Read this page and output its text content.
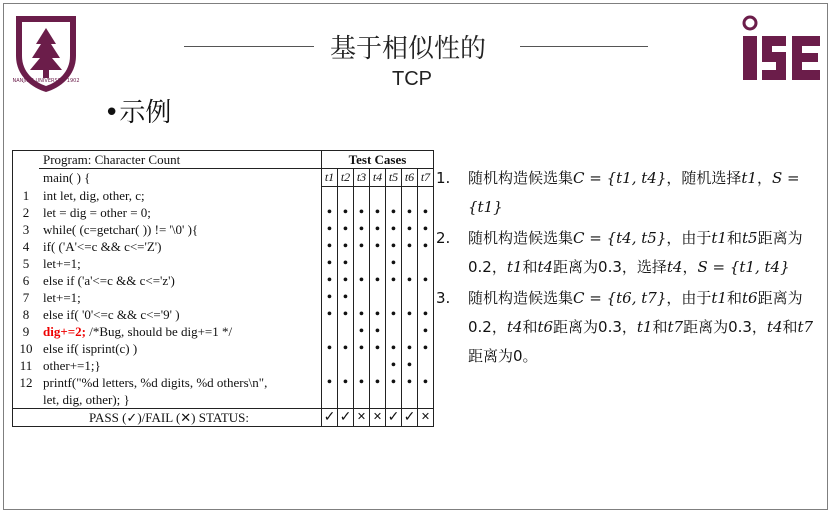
NANJING UNIVERSITY 1902
ise
基于相似性的
TCP
•示例
	Program: Character Count	Test Cases						
	main( ) {	t1	t2	t3	t4	t5	t6	t7
1	int let, dig, other, c;							
2	let = dig = other = 0;	•	•	•	•	•	•	•
3	while( (c=getchar( )) != '\0' ){	•	•	•	•	•	•	•
4	if( ('A'<=c && c<='Z')	•	•	•	•	•	•	•
5	let+=1;	•	•			•		
6	else if ('a'<=c && c<='z')	•	•	•	•	•	•	•
7	let+=1;	•	•					
8	else if( '0'<=c && c<='9' )	•	•	•	•	•	•	•
9	dig+=2; /*Bug, should be dig+=1 */			•	•			•
10	else if( isprint(c) )	•	•	•	•	•	•	•
11	other+=1;}					•	•	
12	printf("%d letters, %d digits, %d others\n",	•	•	•	•	•	•	•
	let, dig, other); }							
PASS (✓)/FAIL (✕) STATUS:		✓	✓	✕	✕	✓	✓	✕
1. 随机构造候选集C = {t1, t4}，随机选择t1，S = {t1}
2. 随机构造候选集C = {t4, t5}，由于t1和t5距离为0.2，t1和t4距离为0.3，选择t4，S = {t1, t4}
3. 随机构造候选集C = {t6, t7}，由于t1和t6距离为0.2，t4和t6距离为0.3，t1和t7距离为0.3，t4和t7距离为0。
